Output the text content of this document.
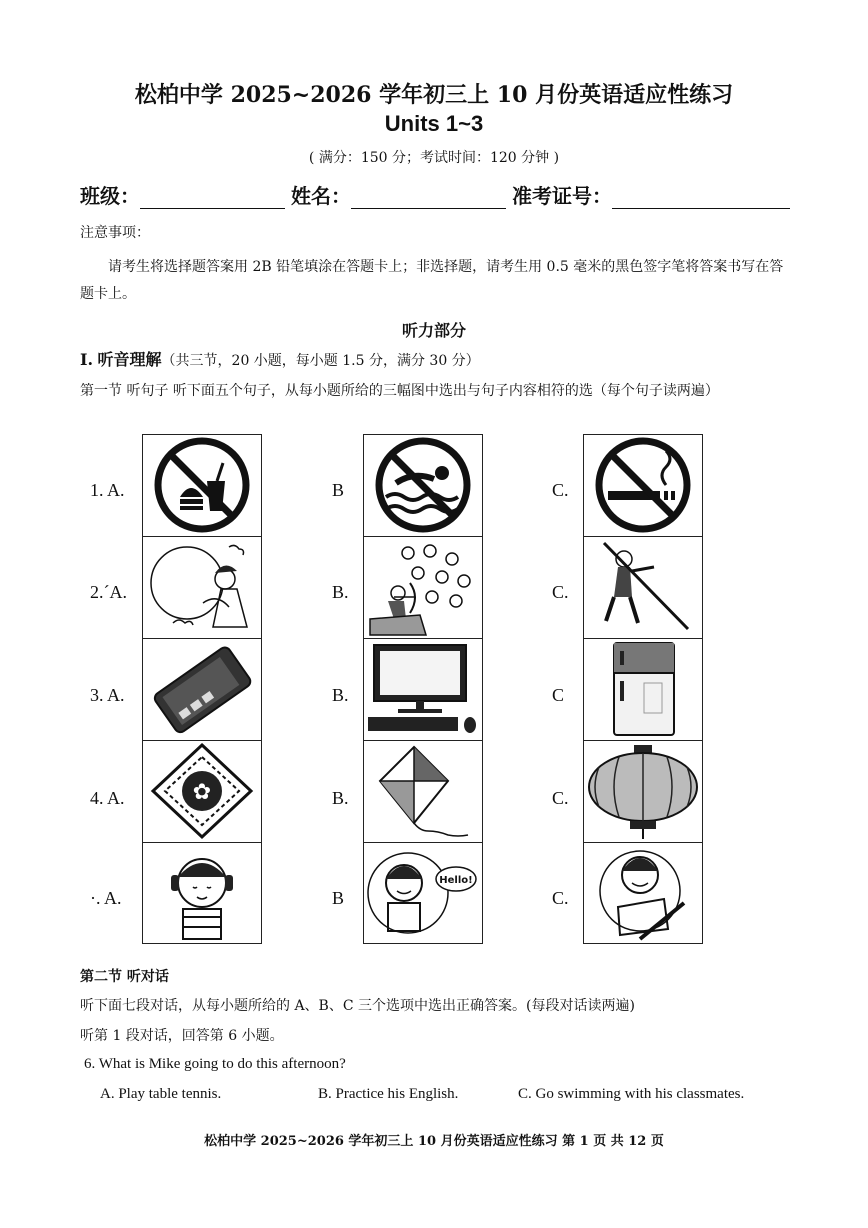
松柏中学 2025~2026 学年初三上 10 月份英语适应性练习
Units 1~3
( 满分：150 分；考试时间：120 分钟 )
班级：	姓名：	准考证号：
注意事项：
请考生将选择题答案用 2B 铅笔填涂在答题卡上；非选择题，请考生用 0.5 毫米的黑色签字笔将答案书写在答题卡上。
听力部分
I. 听音理解（共三节，20 小题，每小题 1.5 分，满分 30 分）
第一节 听句子 听下面五个句子，从每小题所给的三幅图中选出与句子内容相符的选（每个句子读两遍）
1. A.	B	C.
2.´A.	B.	C.
3. A.	B.	C
4. A.	B.	C.
·. A.	B	C.
✿
Hello!
第二节 听对话
听下面七段对话，从每小题所给的 A、B、C 三个选项中选出正确答案。(每段对话读两遍)
听第 1 段对话，回答第 6 小题。
6. What is Mike going to do this afternoon?
A. Play table tennis.	B. Practice his English.	C. Go swimming with his classmates.
松柏中学 2025~2026 学年初三上 10 月份英语适应性练习 第 1 页 共 12 页
